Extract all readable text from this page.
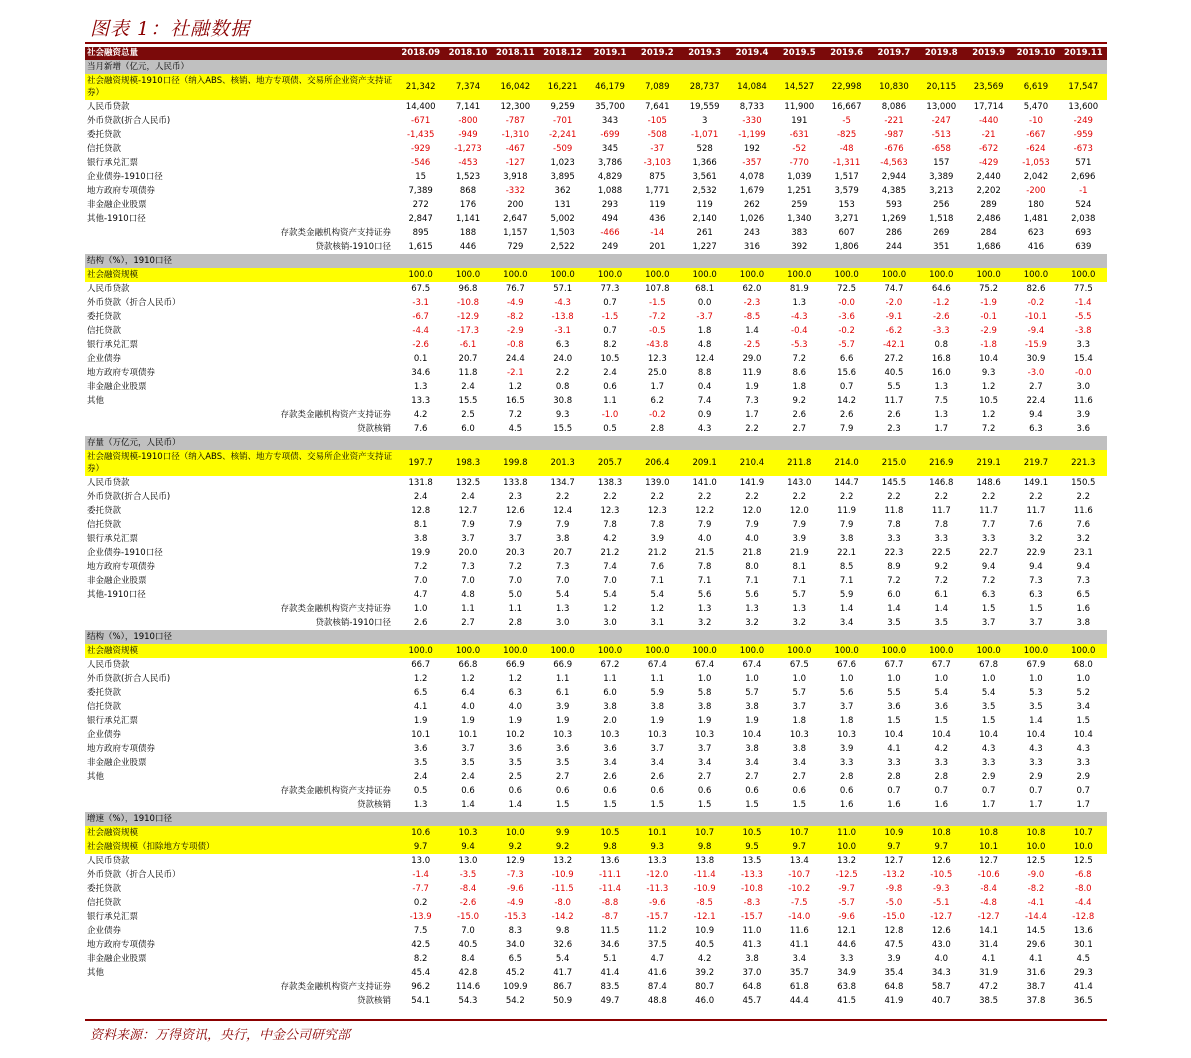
图表 1：社融数据
社会融资总量	2018.09	2018.10	2018.11	2018.12	2019.1	2019.2	2019.3	2019.4	2019.5	2019.6	2019.7	2019.8	2019.9	2019.10	2019.11
当月新增（亿元，人民币）															
社会融资规模-1910口径（纳入ABS、核销、地方专项债、交易所企业资产支持证券）	21,342	7,374	16,042	16,221	46,179	7,089	28,737	14,084	14,527	22,998	10,830	20,115	23,569	6,619	17,547
人民币贷款	14,400	7,141	12,300	9,259	35,700	7,641	19,559	8,733	11,900	16,667	8,086	13,000	17,714	5,470	13,600
外币贷款(折合人民币)	-671	-800	-787	-701	343	-105	3	-330	191	-5	-221	-247	-440	-10	-249
委托贷款	-1,435	-949	-1,310	-2,241	-699	-508	-1,071	-1,199	-631	-825	-987	-513	-21	-667	-959
信托贷款	-929	-1,273	-467	-509	345	-37	528	192	-52	-48	-676	-658	-672	-624	-673
银行承兑汇票	-546	-453	-127	1,023	3,786	-3,103	1,366	-357	-770	-1,311	-4,563	157	-429	-1,053	571
企业债券-1910口径	15	1,523	3,918	3,895	4,829	875	3,561	4,078	1,039	1,517	2,944	3,389	2,440	2,042	2,696
地方政府专项债券	7,389	868	-332	362	1,088	1,771	2,532	1,679	1,251	3,579	4,385	3,213	2,202	-200	-1
非金融企业股票	272	176	200	131	293	119	119	262	259	153	593	256	289	180	524
其他-1910口径	2,847	1,141	2,647	5,002	494	436	2,140	1,026	1,340	3,271	1,269	1,518	2,486	1,481	2,038
存款类金融机构资产支持证券	895	188	1,157	1,503	-466	-14	261	243	383	607	286	269	284	623	693
贷款核销-1910口径	1,615	446	729	2,522	249	201	1,227	316	392	1,806	244	351	1,686	416	639
结构（%），1910口径															
社会融资规模	100.0	100.0	100.0	100.0	100.0	100.0	100.0	100.0	100.0	100.0	100.0	100.0	100.0	100.0	100.0
人民币贷款	67.5	96.8	76.7	57.1	77.3	107.8	68.1	62.0	81.9	72.5	74.7	64.6	75.2	82.6	77.5
外币贷款（折合人民币）	-3.1	-10.8	-4.9	-4.3	0.7	-1.5	0.0	-2.3	1.3	-0.0	-2.0	-1.2	-1.9	-0.2	-1.4
委托贷款	-6.7	-12.9	-8.2	-13.8	-1.5	-7.2	-3.7	-8.5	-4.3	-3.6	-9.1	-2.6	-0.1	-10.1	-5.5
信托贷款	-4.4	-17.3	-2.9	-3.1	0.7	-0.5	1.8	1.4	-0.4	-0.2	-6.2	-3.3	-2.9	-9.4	-3.8
银行承兑汇票	-2.6	-6.1	-0.8	6.3	8.2	-43.8	4.8	-2.5	-5.3	-5.7	-42.1	0.8	-1.8	-15.9	3.3
企业债券	0.1	20.7	24.4	24.0	10.5	12.3	12.4	29.0	7.2	6.6	27.2	16.8	10.4	30.9	15.4
地方政府专项债券	34.6	11.8	-2.1	2.2	2.4	25.0	8.8	11.9	8.6	15.6	40.5	16.0	9.3	-3.0	-0.0
非金融企业股票	1.3	2.4	1.2	0.8	0.6	1.7	0.4	1.9	1.8	0.7	5.5	1.3	1.2	2.7	3.0
其他	13.3	15.5	16.5	30.8	1.1	6.2	7.4	7.3	9.2	14.2	11.7	7.5	10.5	22.4	11.6
存款类金融机构资产支持证券	4.2	2.5	7.2	9.3	-1.0	-0.2	0.9	1.7	2.6	2.6	2.6	1.3	1.2	9.4	3.9
贷款核销	7.6	6.0	4.5	15.5	0.5	2.8	4.3	2.2	2.7	7.9	2.3	1.7	7.2	6.3	3.6
存量（万亿元，人民币）															
社会融资规模-1910口径（纳入ABS、核销、地方专项债、交易所企业资产支持证券）	197.7	198.3	199.8	201.3	205.7	206.4	209.1	210.4	211.8	214.0	215.0	216.9	219.1	219.7	221.3
人民币贷款	131.8	132.5	133.8	134.7	138.3	139.0	141.0	141.9	143.0	144.7	145.5	146.8	148.6	149.1	150.5
外币贷款(折合人民币)	2.4	2.4	2.3	2.2	2.2	2.2	2.2	2.2	2.2	2.2	2.2	2.2	2.2	2.2	2.2
委托贷款	12.8	12.7	12.6	12.4	12.3	12.3	12.2	12.0	12.0	11.9	11.8	11.7	11.7	11.7	11.6
信托贷款	8.1	7.9	7.9	7.9	7.8	7.8	7.9	7.9	7.9	7.9	7.8	7.8	7.7	7.6	7.6
银行承兑汇票	3.8	3.7	3.7	3.8	4.2	3.9	4.0	4.0	3.9	3.8	3.3	3.3	3.3	3.2	3.2
企业债券-1910口径	19.9	20.0	20.3	20.7	21.2	21.2	21.5	21.8	21.9	22.1	22.3	22.5	22.7	22.9	23.1
地方政府专项债券	7.2	7.3	7.2	7.3	7.4	7.6	7.8	8.0	8.1	8.5	8.9	9.2	9.4	9.4	9.4
非金融企业股票	7.0	7.0	7.0	7.0	7.0	7.1	7.1	7.1	7.1	7.1	7.2	7.2	7.2	7.3	7.3
其他-1910口径	4.7	4.8	5.0	5.4	5.4	5.4	5.6	5.6	5.7	5.9	6.0	6.1	6.3	6.3	6.5
存款类金融机构资产支持证券	1.0	1.1	1.1	1.3	1.2	1.2	1.3	1.3	1.3	1.4	1.4	1.4	1.5	1.5	1.6
贷款核销-1910口径	2.6	2.7	2.8	3.0	3.0	3.1	3.2	3.2	3.2	3.4	3.5	3.5	3.7	3.7	3.8
结构（%），1910口径															
社会融资规模	100.0	100.0	100.0	100.0	100.0	100.0	100.0	100.0	100.0	100.0	100.0	100.0	100.0	100.0	100.0
人民币贷款	66.7	66.8	66.9	66.9	67.2	67.4	67.4	67.4	67.5	67.6	67.7	67.7	67.8	67.9	68.0
外币贷款(折合人民币)	1.2	1.2	1.2	1.1	1.1	1.1	1.0	1.0	1.0	1.0	1.0	1.0	1.0	1.0	1.0
委托贷款	6.5	6.4	6.3	6.1	6.0	5.9	5.8	5.7	5.7	5.6	5.5	5.4	5.4	5.3	5.2
信托贷款	4.1	4.0	4.0	3.9	3.8	3.8	3.8	3.8	3.7	3.7	3.6	3.6	3.5	3.5	3.4
银行承兑汇票	1.9	1.9	1.9	1.9	2.0	1.9	1.9	1.9	1.8	1.8	1.5	1.5	1.5	1.4	1.5
企业债券	10.1	10.1	10.2	10.3	10.3	10.3	10.3	10.4	10.3	10.3	10.4	10.4	10.4	10.4	10.4
地方政府专项债券	3.6	3.7	3.6	3.6	3.6	3.7	3.7	3.8	3.8	3.9	4.1	4.2	4.3	4.3	4.3
非金融企业股票	3.5	3.5	3.5	3.5	3.4	3.4	3.4	3.4	3.4	3.3	3.3	3.3	3.3	3.3	3.3
其他	2.4	2.4	2.5	2.7	2.6	2.6	2.7	2.7	2.7	2.8	2.8	2.8	2.9	2.9	2.9
存款类金融机构资产支持证券	0.5	0.6	0.6	0.6	0.6	0.6	0.6	0.6	0.6	0.6	0.7	0.7	0.7	0.7	0.7
贷款核销	1.3	1.4	1.4	1.5	1.5	1.5	1.5	1.5	1.5	1.6	1.6	1.6	1.7	1.7	1.7
增速（%），1910口径															
社会融资规模	10.6	10.3	10.0	9.9	10.5	10.1	10.7	10.5	10.7	11.0	10.9	10.8	10.8	10.8	10.7
社会融资规模（扣除地方专项债）	9.7	9.4	9.2	9.2	9.8	9.3	9.8	9.5	9.7	10.0	9.7	9.7	10.1	10.0	10.0
人民币贷款	13.0	13.0	12.9	13.2	13.6	13.3	13.8	13.5	13.4	13.2	12.7	12.6	12.7	12.5	12.5
外币贷款（折合人民币）	-1.4	-3.5	-7.3	-10.9	-11.1	-12.0	-11.4	-13.3	-10.7	-12.5	-13.2	-10.5	-10.6	-9.0	-6.8
委托贷款	-7.7	-8.4	-9.6	-11.5	-11.4	-11.3	-10.9	-10.8	-10.2	-9.7	-9.8	-9.3	-8.4	-8.2	-8.0
信托贷款	0.2	-2.6	-4.9	-8.0	-8.8	-9.6	-8.5	-8.3	-7.5	-5.7	-5.0	-5.1	-4.8	-4.1	-4.4
银行承兑汇票	-13.9	-15.0	-15.3	-14.2	-8.7	-15.7	-12.1	-15.7	-14.0	-9.6	-15.0	-12.7	-12.7	-14.4	-12.8
企业债券	7.5	7.0	8.3	9.8	11.5	11.2	10.9	11.0	11.6	12.1	12.8	12.6	14.1	14.5	13.6
地方政府专项债券	42.5	40.5	34.0	32.6	34.6	37.5	40.5	41.3	41.1	44.6	47.5	43.0	31.4	29.6	30.1
非金融企业股票	8.2	8.4	6.5	5.4	5.1	4.7	4.2	3.8	3.4	3.3	3.9	4.0	4.1	4.1	4.5
其他	45.4	42.8	45.2	41.7	41.4	41.6	39.2	37.0	35.7	34.9	35.4	34.3	31.9	31.6	29.3
存款类金融机构资产支持证券	96.2	114.6	109.9	86.7	83.5	87.4	80.7	64.8	61.8	63.8	64.8	58.7	47.2	38.7	41.4
贷款核销	54.1	54.3	54.2	50.9	49.7	48.8	46.0	45.7	44.4	41.5	41.9	40.7	38.5	37.8	36.5
资料来源：万得资讯，央行，中金公司研究部
